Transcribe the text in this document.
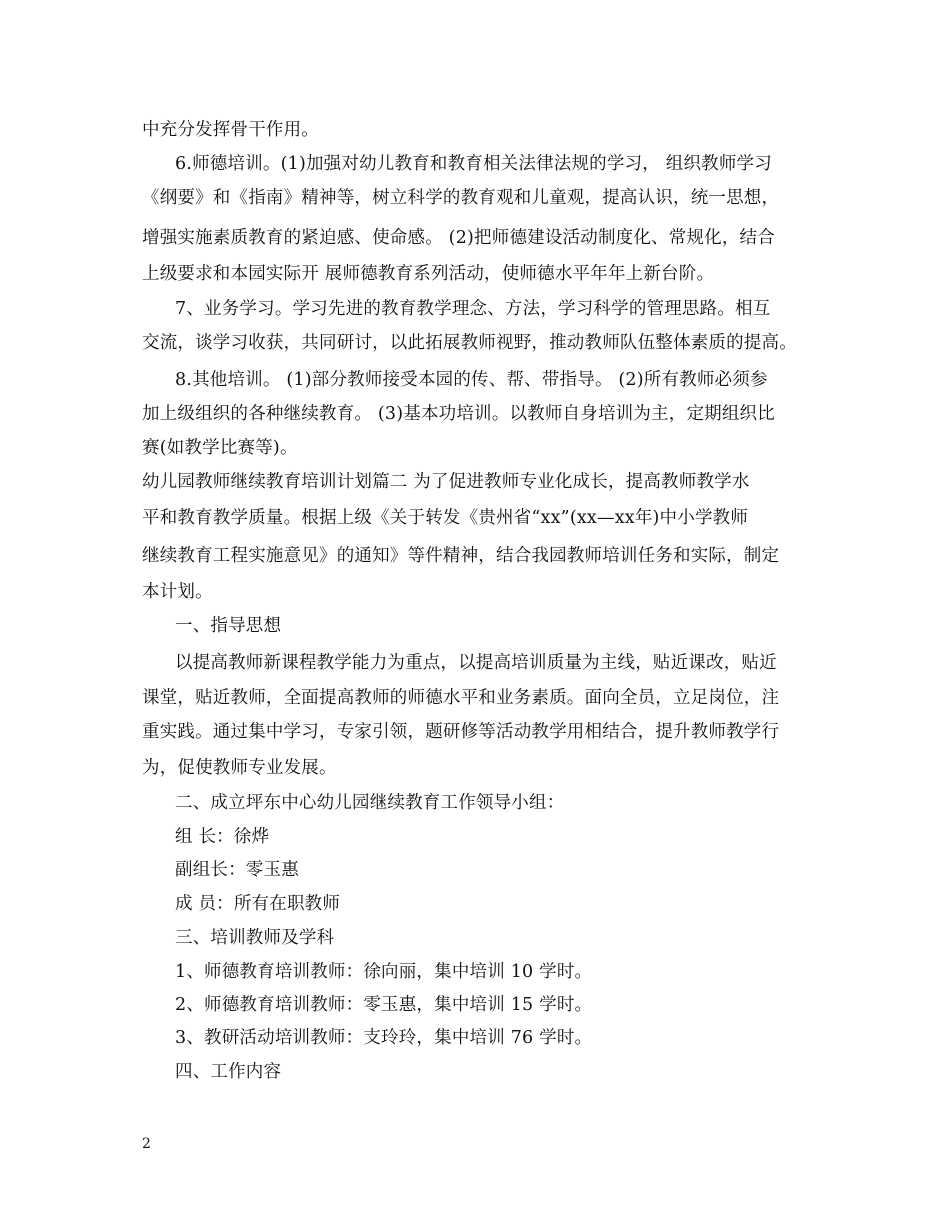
中充分发挥骨干作用。
6.师德培训。(1)加强对幼儿教育和教育相关法律法规的学习， 组织教师学习
《纲要》和《指南》精神等，树立科学的教育观和儿童观，提高认识，统一思想，
增强实施素质教育的紧迫感、使命感。 (2)把师德建设活动制度化、常规化，结合
上级要求和本园实际开 展师德教育系列活动，使师德水平年年上新台阶。
7、业务学习。学习先进的教育教学理念、方法，学习科学的管理思路。相互
交流，谈学习收获，共同研讨，以此拓展教师视野，推动教师队伍整体素质的提高。
8.其他培训。 (1)部分教师接受本园的传、帮、带指导。 (2)所有教师必须参
加上级组织的各种继续教育。 (3)基本功培训。以教师自身培训为主，定期组织比
赛(如教学比赛等)。
幼儿园教师继续教育培训计划篇二 为了促进教师专业化成长，提高教师教学水
平和教育教学质量。根据上级《关于转发《贵州省“xx”(xx—xx年)中小学教师
继续教育工程实施意见》的通知》等件精神，结合我园教师培训任务和实际，制定
本计划。
一、指导思想
以提高教师新课程教学能力为重点，以提高培训质量为主线，贴近课改，贴近
课堂，贴近教师，全面提高教师的师德水平和业务素质。面向全员，立足岗位，注
重实践。通过集中学习，专家引领，题研修等活动教学用相结合，提升教师教学行
为，促使教师专业发展。
二、成立坪东中心幼儿园继续教育工作领导小组：
组 长：徐烨
副组长：零玉惠
成 员：所有在职教师
三、培训教师及学科
1、师德教育培训教师：徐向丽，集中培训 10 学时。
2、师德教育培训教师：零玉惠，集中培训 15 学时。
3、教研活动培训教师：支玲玲，集中培训 76 学时。
四、工作内容
2
